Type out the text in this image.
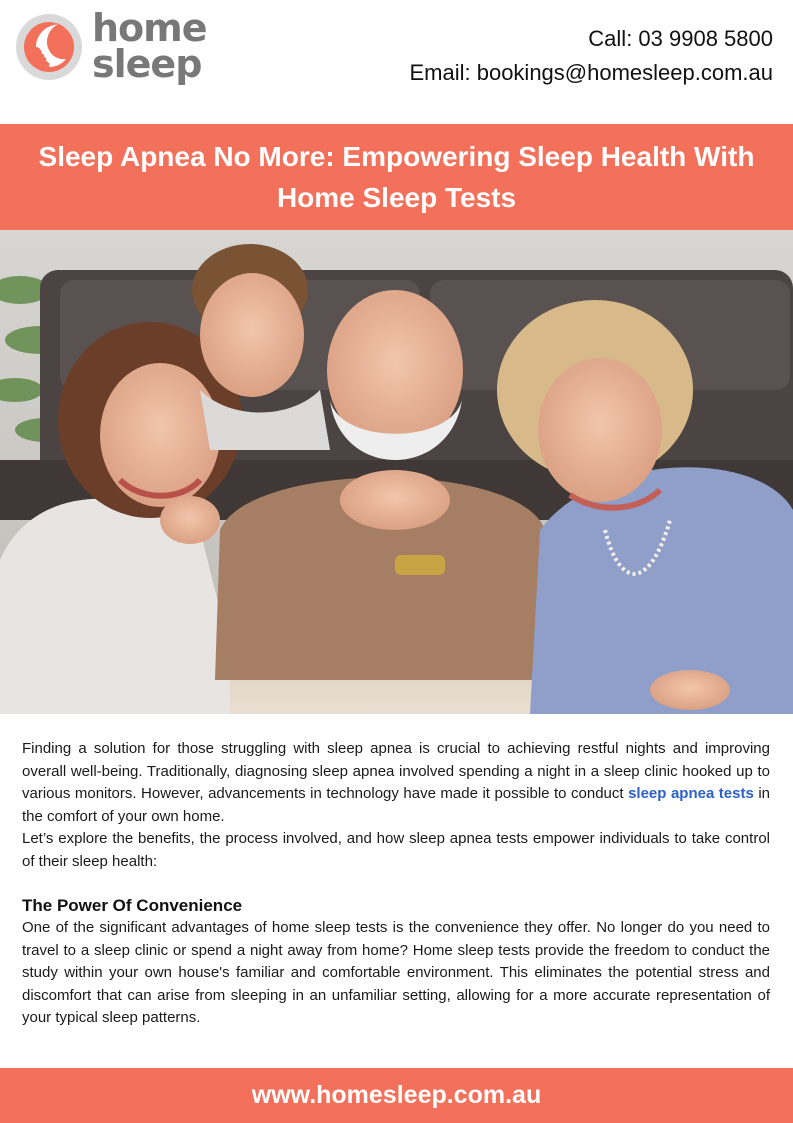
home
sleep
Call: 03 9908 5800
Email: bookings@homesleep.com.au
Sleep Apnea No More: Empowering Sleep Health With Home Sleep Tests

Finding a solution for those struggling with sleep apnea is crucial to achieving restful nights and improving overall well-being. Traditionally, diagnosing sleep apnea involved spending a night in a sleep clinic hooked up to various monitors. However, advancements in technology have made it possible to conduct sleep apnea tests in the comfort of your own home.

Let’s explore the benefits, the process involved, and how sleep apnea tests empower individuals to take control of their sleep health:

The Power Of Convenience

One of the significant advantages of home sleep tests is the convenience they offer. No longer do you need to travel to a sleep clinic or spend a night away from home? Home sleep tests provide the freedom to conduct the study within your own house's familiar and comfortable environment. This eliminates the potential stress and discomfort that can arise from sleeping in an unfamiliar setting, allowing for a more accurate representation of your typical sleep patterns.

www.homesleep.com.au
